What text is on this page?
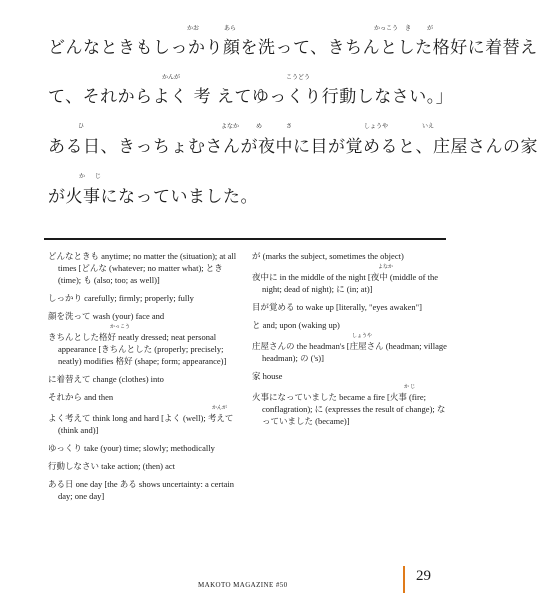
かお	あら	かっこう き	が
どんなときもしっかり顔を洗って、きちんとした格好に着替え
かんが	こうどう
て、それからよく 考 えてゆっくり行動しなさい。」
ひ	よなか	め	さ	しょうや	いえ
ある日、きっちょむさんが夜中に目が覚めると、庄屋さんの家
か じ
が火事になっていました。
どんなときも anytime; no matter the (situation); at all times [どんな (whatever; no matter what); とき (time); も (also; too; as well)]
しっかり carefully; firmly; properly; fully
顔を洗って wash (your) face and
かっこう
きちんとした格好 neatly dressed; neat personal appearance [きちんとした (properly; precisely; neatly) modifies 格好 (shape; form; appearance)]
に着替えて change (clothes) into
それから and then
かんが
よく考えて think long and hard [よく (well); 考えて (think and)]
ゆっくり take (your) time; slowly; methodically
行動しなさい take action; (then) act
ある日 one day [the ある shows uncertainty: a certain day; one day]
が (marks the subject, sometimes the object)
よなか
夜中に in the middle of the night [夜中 (middle of the night; dead of night); に (in; at)]
目が覚める to wake up [literally, "eyes awaken"]
と and; upon (waking up)
しょうや
庄屋さんの the headman's [庄屋さん (headman; village headman); の ('s)]
家 house
か じ
火事になっていました became a fire [火事 (fire; conflagration); に (expresses the result of change); なっていました (became)]
MAKOTO MAGAZINE #50
29
